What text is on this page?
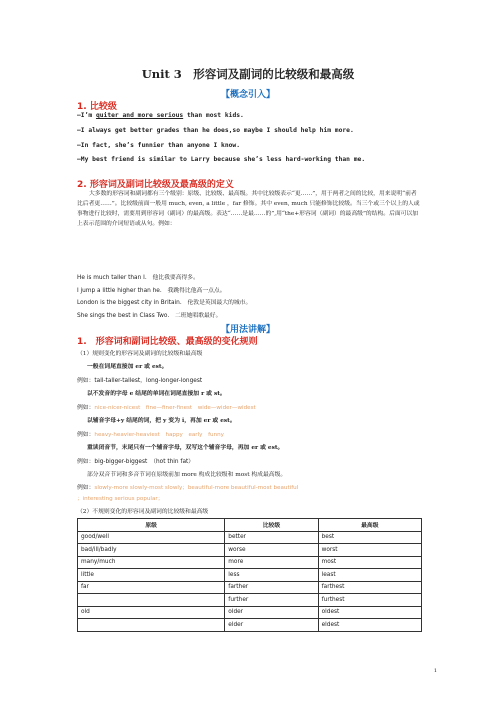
Unit 3　形容词及副词的比较级和最高级
【概念引入】
1. 比较级
—I’m quiter and more serious than most kids.
—I always get better grades than he does,so maybe I should help him more.
—In fact, she’s funnier than anyone I know.
—My best friend is similar to Larry because she’s less hard-working than me.
2. 形容词及副词比较级及最高级的定义
大多数的形容词和副词都有三个级别：原级、比较级、最高级。其中比较级表示“更……”，用于两者之间的比较，用来说明“前者比后者更……”。比较级前面一般用 much, even, a little ，far 修饰。其中 even, much 只能修饰比较级。当三个或三个以上的人或事物进行比较时，需要用到形容词（副词）的最高级。表达“……是最……的”,用“the+形容词（副词）的最高级”的结构。后面可以加上表示范围的介词短语或从句。例如：
He is much taller than I.　 他比我要高得多。
I jump a little higher than he.　 我跳得比他高一点点。
London is the biggest city in Britain.　 伦敦是英国最大的城市。
She sings the best in Class Two.　 二班她唱歌最好。
【用法讲解】
1.　形容词和副词比较级、最高级的变化规则
（1）规则变化的形容词及副词的比较级和最高级
一般在词尾直接加 er 或 est。
例如：tall-taller-tallest，long-longer-longest
以不发音的字母 e 结尾的单词在词尾直接加 r 或 st。
例如：nice-nicer-nicest　fine—finer-finest　wide—wider—widest
以辅音字母+y 结尾的词，把 y 变为 i，再加 er 或 est。
例如：heavy-heavier-heaviest　happy　early　funny
重读闭音节，末尾只有一个辅音字母，双写这个辅音字母，再加 er 或 est。
例如：big-bigger-biggest　（hot thin fat）
部分双音节词和多音节词在原级前加 more 构成比较级和 most 构成最高级。
例如：slowly-more slowly-most slowly；beautiful-more beautiful-most beautiful
；interesting serious popular；
（2）不规则变化的形容词及副词的比较级和最高级
原级	比较级	最高级
good/well	better	best
bad/ill/badly	worse	worst
many/much	more	most
little	less	least
far	farther	farthest
	further	furthest
old	older	oldest
	elder	eldest
1
